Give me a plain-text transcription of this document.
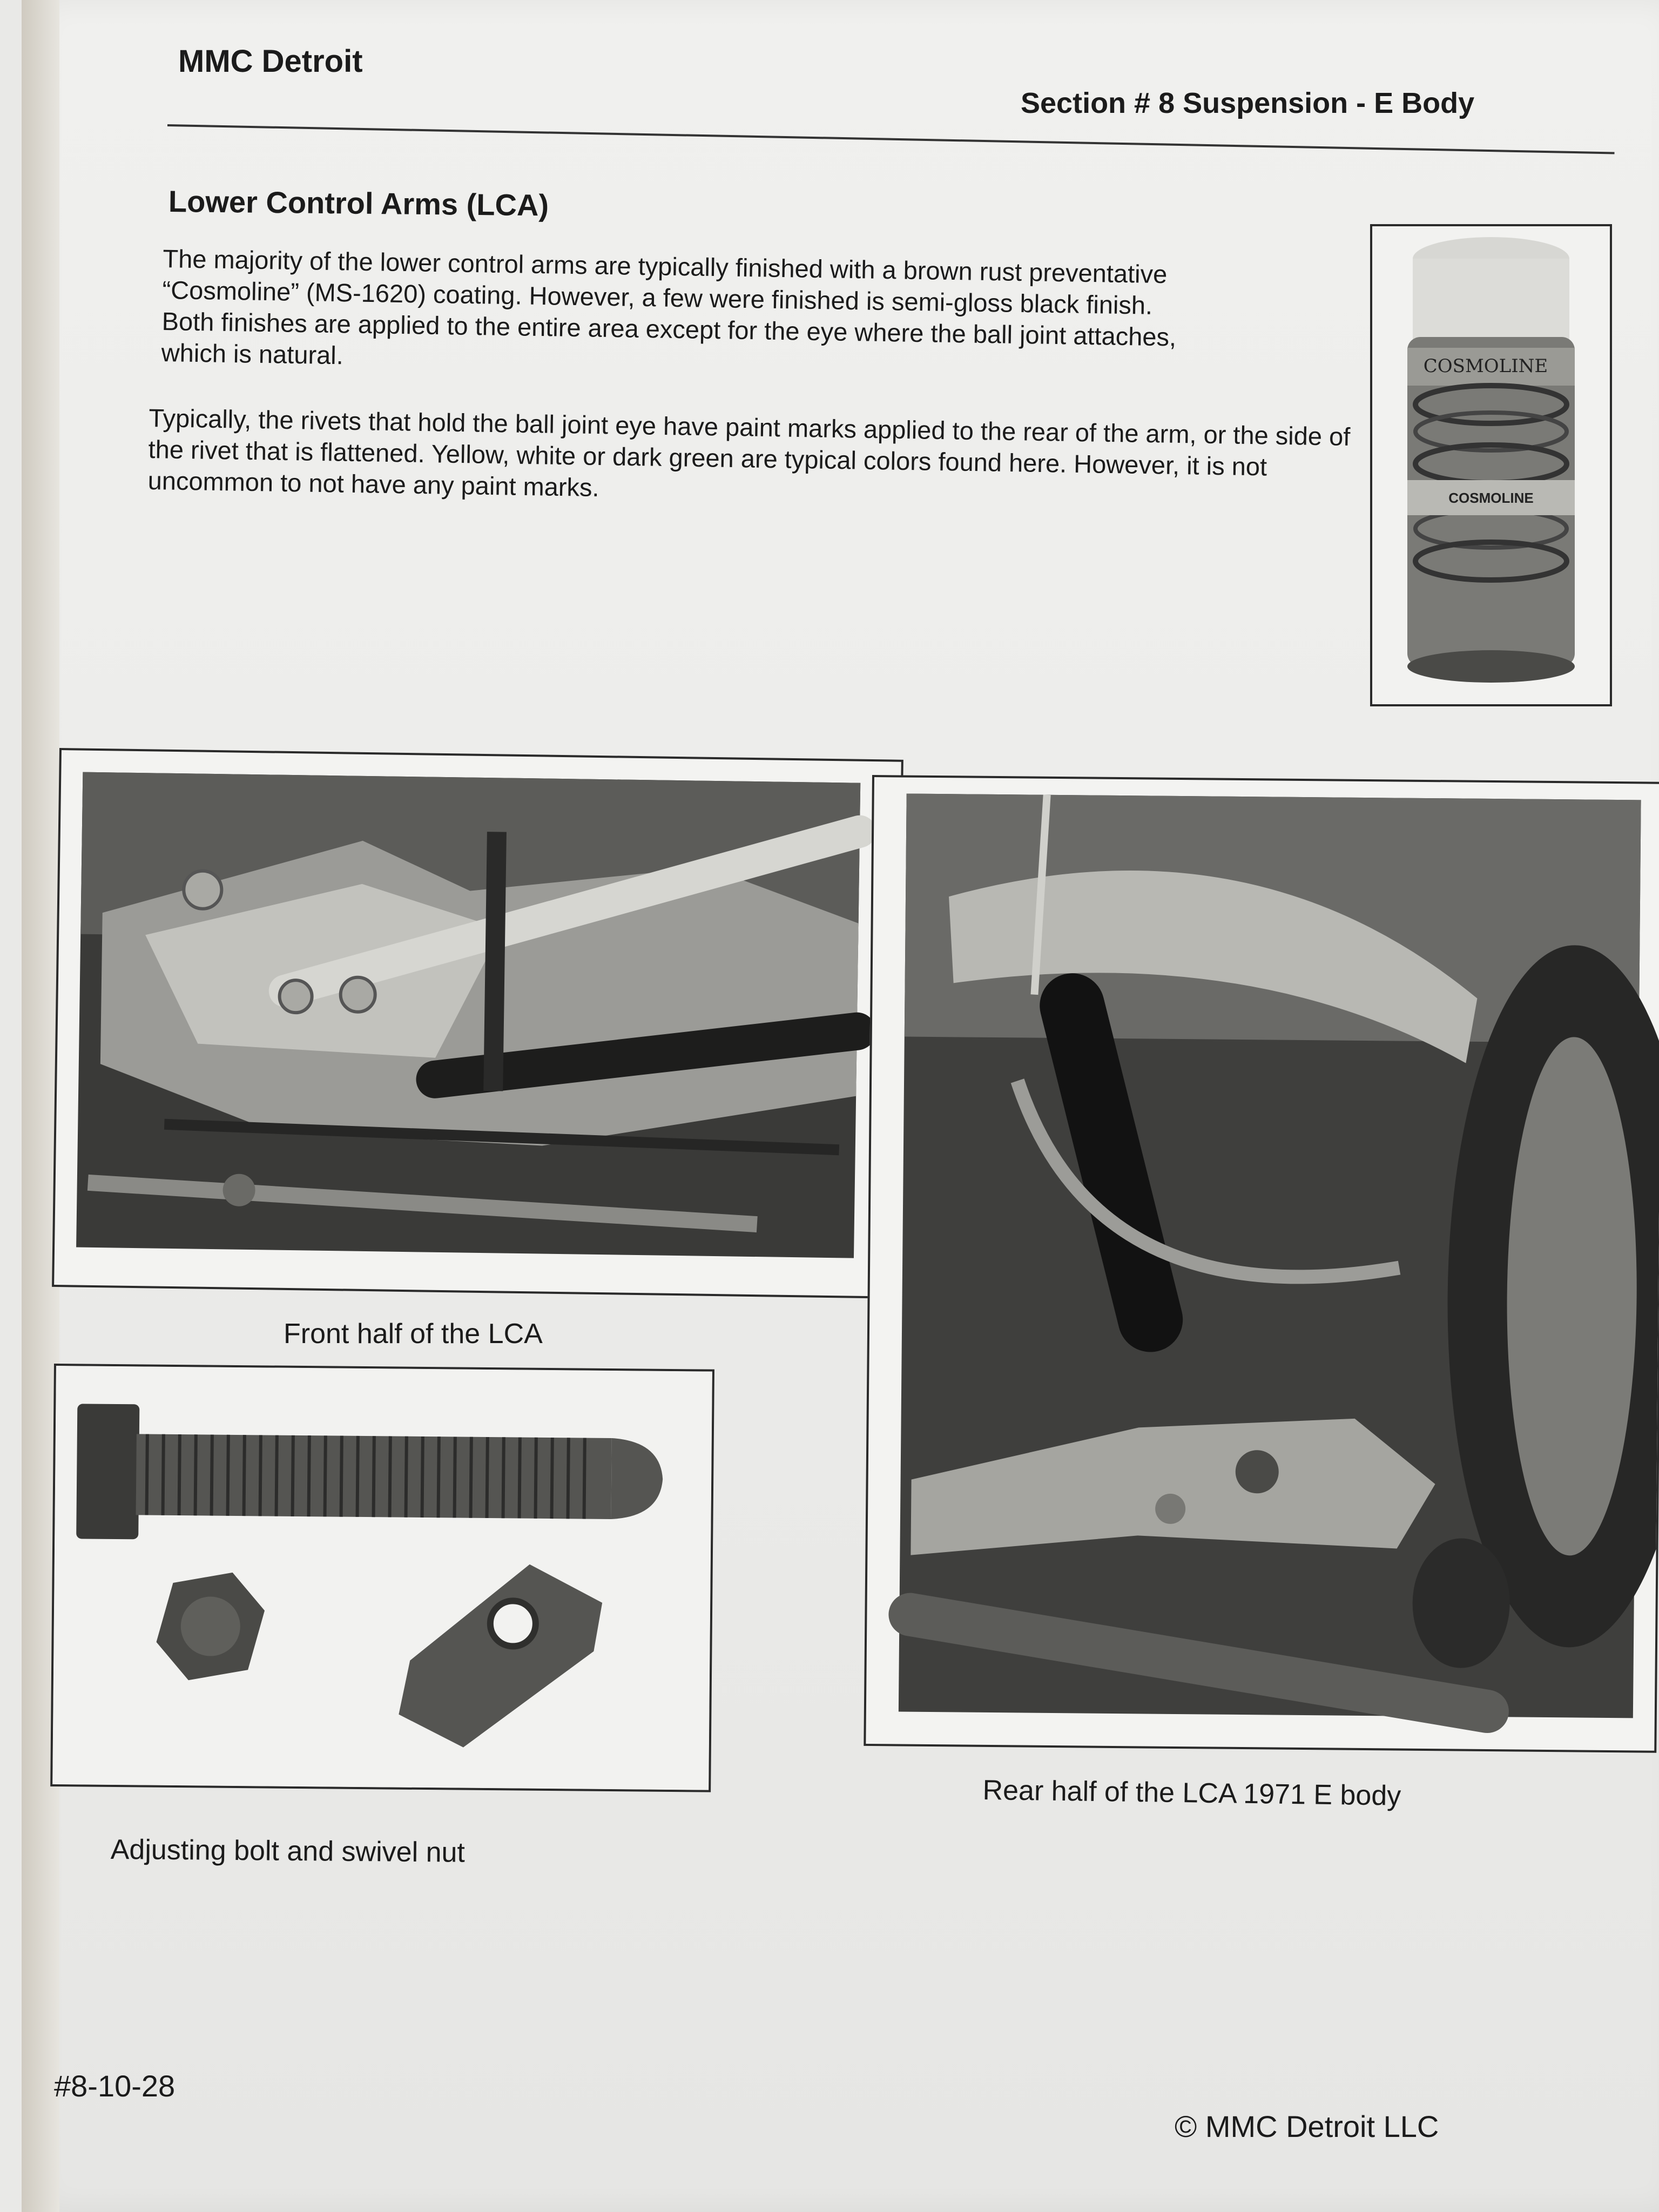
MMC Detroit
Section # 8 Suspension - E Body
Lower Control Arms (LCA)
The majority of the lower control arms are typically finished with a brown rust preventative “Cosmoline” (MS-1620) coating. However, a few were finished is semi-gloss black finish. Both finishes are applied to the entire area except for the eye where the ball joint attaches, which is natural.
Typically, the rivets that hold the ball joint eye have paint marks applied to the rear of the arm, or the side of the rivet that is flattened. Yellow, white or dark green are typical colors found here. However, it is not uncommon to not have any paint marks.
COSMOLINE
COSMOLINE
Front half of the LCA
Rear half of the LCA 1971 E body
Adjusting bolt and swivel nut
#8-10-28
© MMC Detroit LLC
